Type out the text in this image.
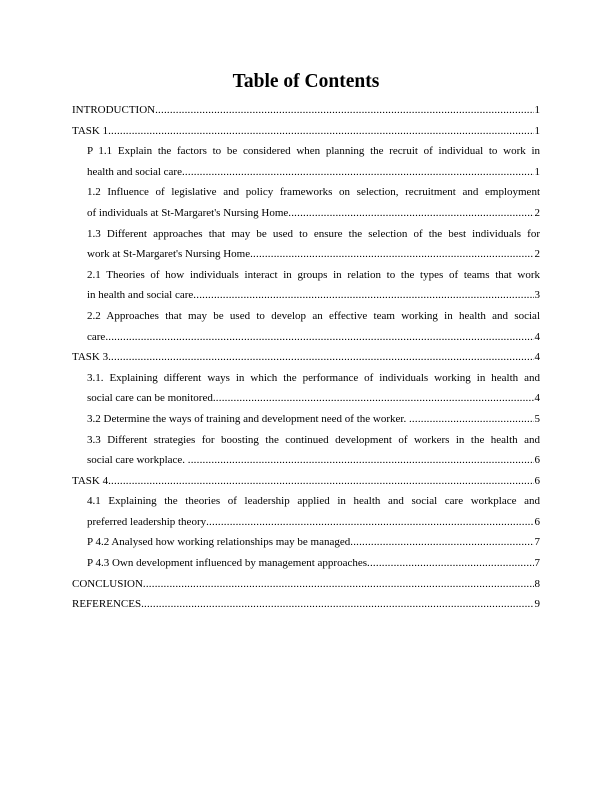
Table of Contents
INTRODUCTION .....	1
TASK 1 .....	1
P 1.1 Explain the factors to be considered when planning the recruit of individual to work in
health and social care .....	1
1.2 Influence of legislative and policy frameworks on selection, recruitment and employment
of individuals at St-Margaret's Nursing Home .....	2
1.3 Different approaches that may be used to ensure the selection of the best individuals for
work at St-Margaret's Nursing Home .....	2
2.1 Theories of how individuals interact in groups in relation to the types of teams that work
in health and social care .....	3
2.2 Approaches that may be used to develop an effective team working in health and social
care .....	4
TASK 3 .....	4
3.1. Explaining different ways in which the performance of individuals working in health and
social care can be monitored .....	4
3.2 Determine the ways of training and development need of the worker. .....	5
3.3 Different strategies for boosting the continued development of workers in the health and
social care workplace. .....	6
TASK 4 .....	6
4.1 Explaining the theories of leadership applied in health and social care workplace and
preferred leadership theory .....	6
P 4.2 Analysed how working relationships may be managed .....	7
P 4.3 Own development influenced by management approaches .....	7
CONCLUSION .....	8
REFERENCES .....	9
